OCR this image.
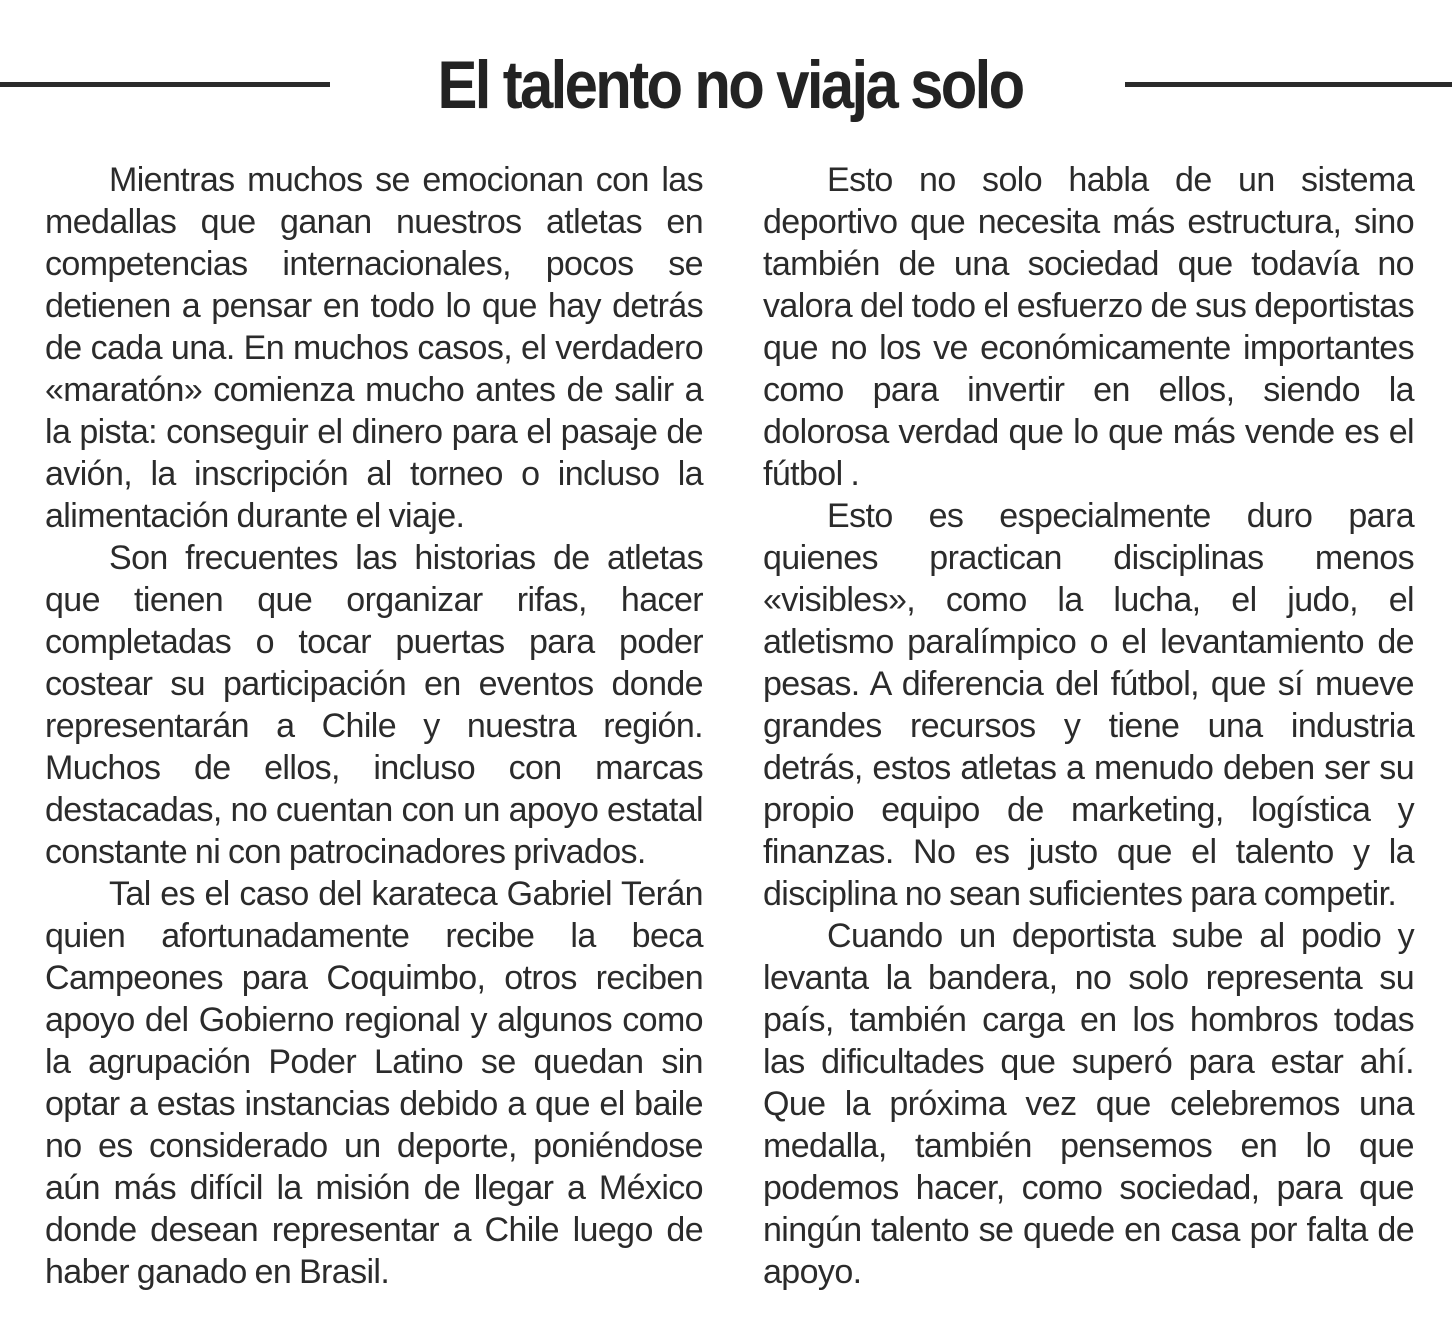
El talento no viaja solo

Mientras muchos se emocionan con las medallas que ganan nuestros atletas en competencias internacionales, pocos se detienen a pensar en todo lo que hay detrás de cada una. En muchos casos, el verdadero «maratón» comienza mucho antes de salir a la pista: conseguir el dinero para el pasaje de avión, la inscripción al torneo o incluso la alimentación durante el viaje.

Son frecuentes las historias de atletas que tienen que organizar rifas, hacer completadas o tocar puertas para poder costear su participación en eventos donde representarán a Chile y nuestra región. Muchos de ellos, incluso con marcas destacadas, no cuentan con un apoyo estatal constante ni con patrocinadores privados.

Tal es el caso del karateca Gabriel Terán quien afortunadamente recibe la beca Campeones para Coquimbo, otros reciben apoyo del Gobierno regional y algunos como la agrupación Poder Latino se quedan sin optar a estas instancias debido a que el baile no es considerado un deporte, poniéndose aún más difícil la misión de llegar a México donde desean representar a Chile luego de haber ganado en Brasil.

Esto no solo habla de un sistema deportivo que necesita más estructura, sino también de una sociedad que todavía no valora del todo el esfuerzo de sus deportistas que no los ve económicamente importantes como para invertir en ellos, siendo la dolorosa verdad que lo que más vende es el fútbol .

Esto es especialmente duro para quienes practican disciplinas menos «visibles», como la lucha, el judo, el atletismo paralímpico o el levantamiento de pesas. A diferencia del fútbol, que sí mueve grandes recursos y tiene una industria detrás, estos atletas a menudo deben ser su propio equipo de marketing, logística y finanzas. No es justo que el talento y la disciplina no sean suficientes para competir.

Cuando un deportista sube al podio y levanta la bandera, no solo representa su país, también carga en los hombros todas las dificultades que superó para estar ahí. Que la próxima vez que celebremos una medalla, también pensemos en lo que podemos hacer, como sociedad, para que ningún talento se quede en casa por falta de apoyo.
